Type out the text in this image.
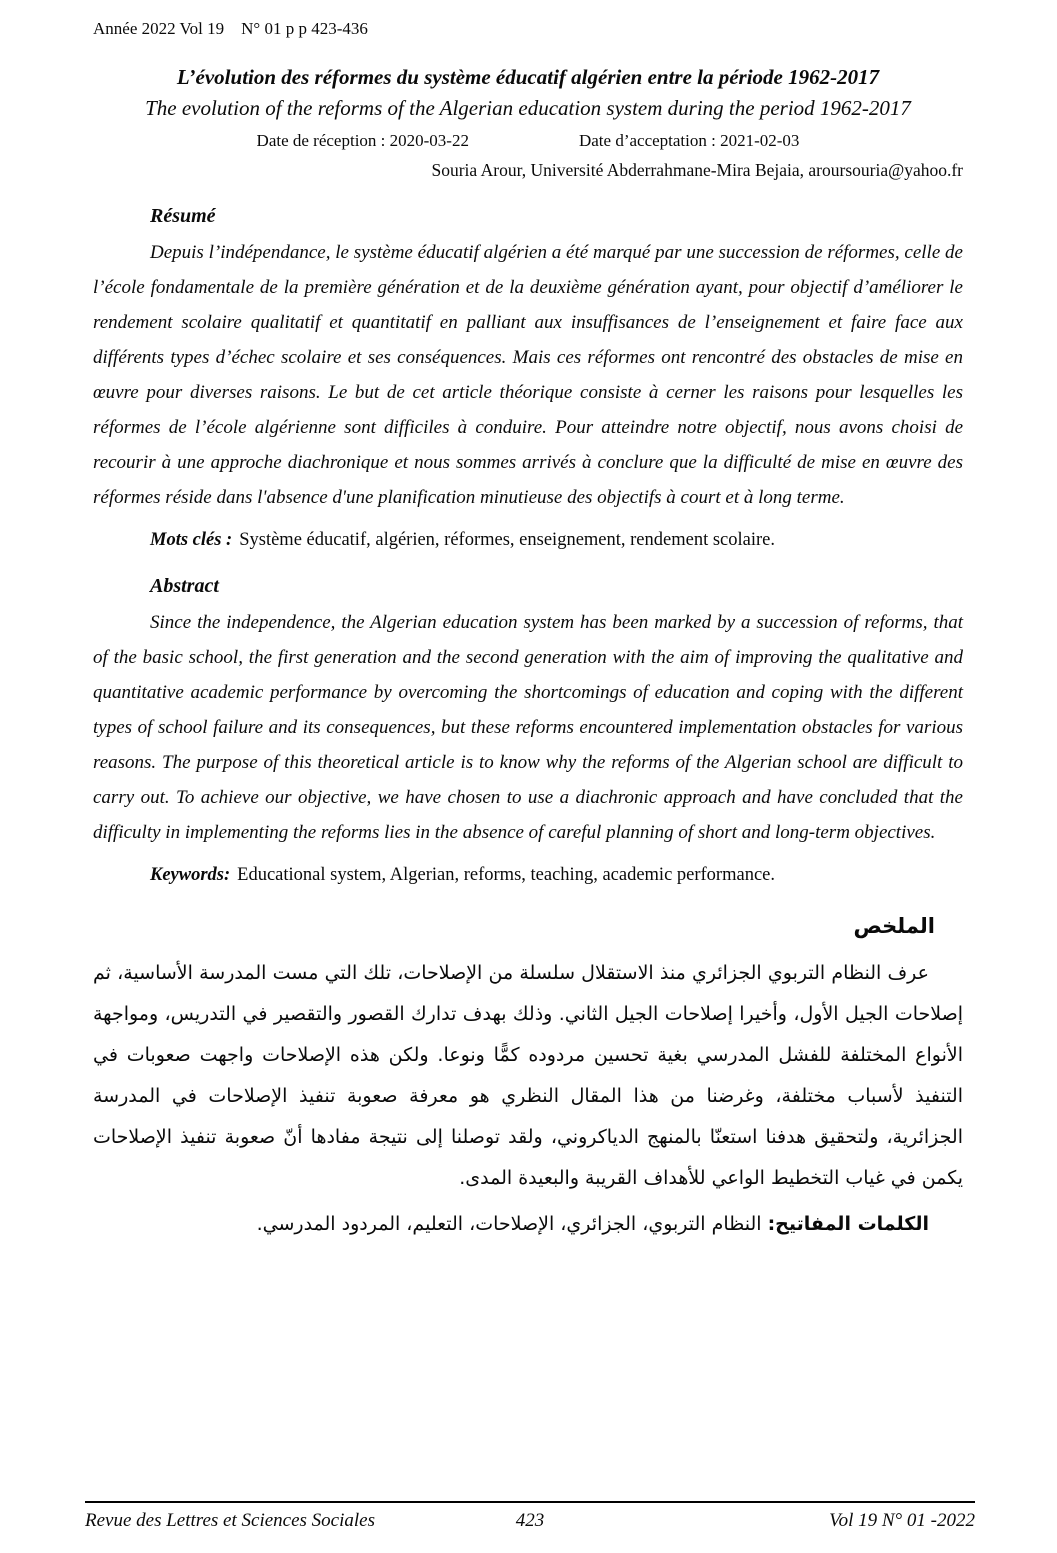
Année 2022 Vol 19    N° 01 p p 423-436
L’évolution des réformes du système éducatif algérien entre la période 1962-2017
The evolution of the reforms of the Algerian education system during the period 1962-2017
Date de réception : 2020-03-22	Date d’acceptation : 2021-02-03
Souria Arour, Université Abderrahmane-Mira Bejaia, aroursouria@yahoo.fr
Résumé

Depuis l’indépendance, le système éducatif algérien a été marqué par une succession de réformes, celle de l’école fondamentale de la première génération et de la deuxième génération ayant, pour objectif d’améliorer le rendement scolaire qualitatif et quantitatif en palliant aux insuffisances de l’enseignement et faire face aux différents types d’échec scolaire et ses conséquences. Mais ces réformes ont rencontré des obstacles de mise en œuvre pour diverses raisons. Le but de cet article théorique consiste à cerner les raisons pour lesquelles les réformes de l’école algérienne sont difficiles à conduire. Pour atteindre notre objectif, nous avons choisi de recourir à une approche diachronique et nous sommes arrivés à conclure que la difficulté de mise en œuvre des réformes réside dans l'absence d'une planification minutieuse des objectifs à court et à long terme.

Mots clés : Système éducatif, algérien, réformes, enseignement, rendement scolaire.

Abstract

Since the independence, the Algerian education system has been marked by a succession of reforms, that of the basic school, the first generation and the second generation with the aim of improving the qualitative and quantitative academic performance by overcoming the shortcomings of education and coping with the different types of school failure and its consequences, but these reforms encountered implementation obstacles for various reasons. The purpose of this theoretical article is to know why the reforms of the Algerian school are difficult to carry out. To achieve our objective, we have chosen to use a diachronic approach and have concluded that the difficulty in implementing the reforms lies in the absence of careful planning of short and long-term objectives.

Keywords: Educational system, Algerian, reforms, teaching, academic performance.

الملخص

عرف النظام التربوي الجزائري منذ الاستقلال سلسلة من الإصلاحات، تلك التي مست المدرسة الأساسية، ثم إصلاحات الجيل الأول، وأخيرا إصلاحات الجيل الثاني. وذلك بهدف تدارك القصور والتقصير في التدريس، ومواجهة الأنواع المختلفة للفشل المدرسي بغية تحسين مردوده كمًّا ونوعا. ولكن هذه الإصلاحات واجهت صعوبات في التنفيذ لأسباب مختلفة، وغرضنا من هذا المقال النظري هو معرفة صعوبة تنفيذ الإصلاحات في المدرسة الجزائرية، ولتحقيق هدفنا استعنّا بالمنهج الدياكروني، ولقد توصلنا إلى نتيجة مفادها أنّ صعوبة تنفيذ الإصلاحات يكمن في غياب التخطيط الواعي للأهداف القريبة والبعيدة المدى.

الكلمات المفاتيح:النظام التربوي، الجزائري، الإصلاحات، التعليم، المردود المدرسي.

Revue des Lettres et Sciences Sociales	423	Vol 19 N° 01 -2022
